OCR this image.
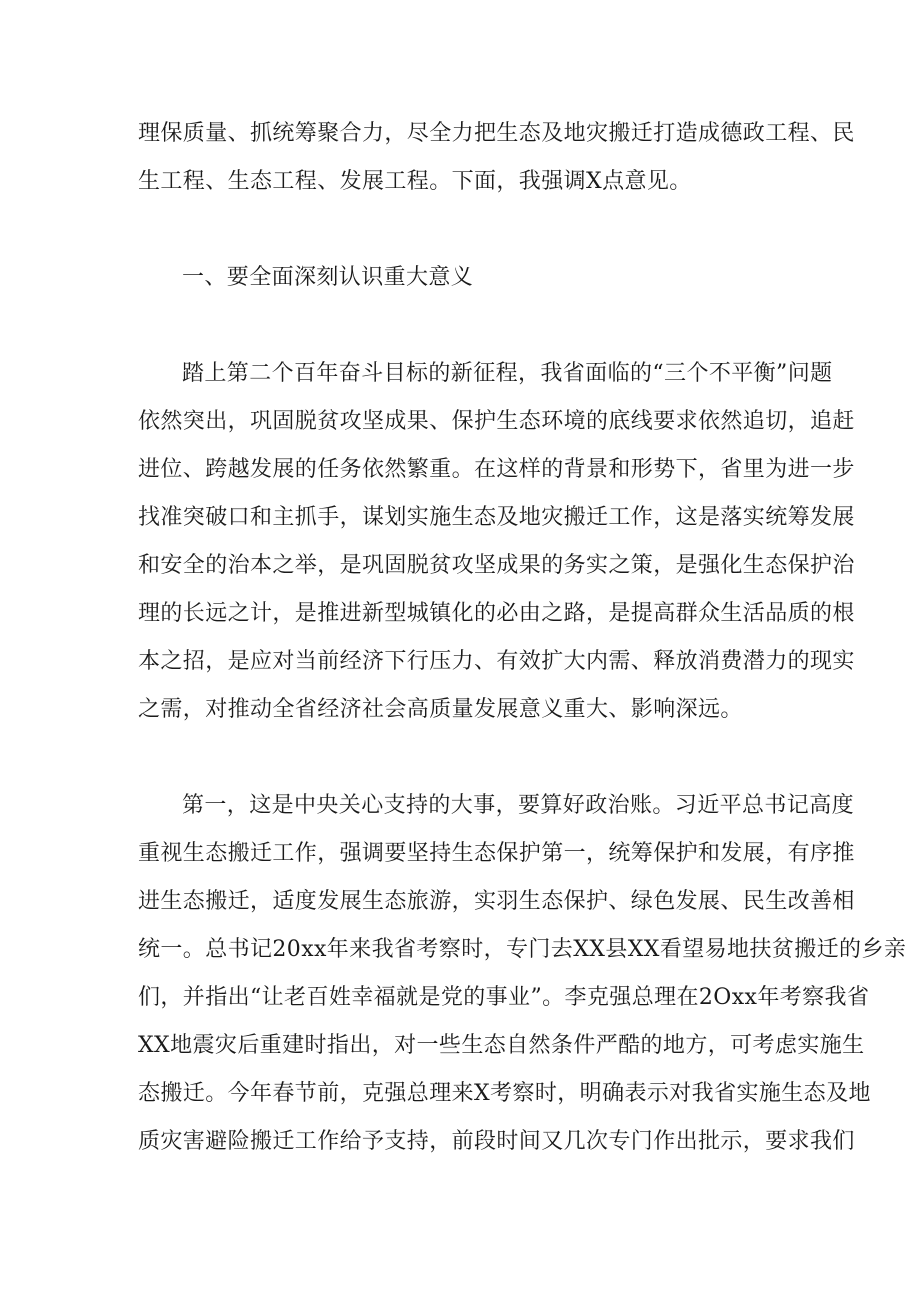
理保质量、抓统筹聚合力，尽全力把生态及地灾搬迁打造成德政工程、民
生工程、生态工程、发展工程。下面，我强调X点意见。
一、要全面深刻认识重大意义
踏上第二个百年奋斗目标的新征程，我省面临的“三个不平衡”问题
依然突出，巩固脱贫攻坚成果、保护生态环境的底线要求依然追切，追赶
进位、跨越发展的任务依然繁重。在这样的背景和形势下，省里为进一步
找准突破口和主抓手，谋划实施生态及地灾搬迁工作，这是落实统筹发展
和安全的治本之举，是巩固脱贫攻坚成果的务实之策，是强化生态保护治
理的长远之计，是推进新型城镇化的必由之路，是提高群众生活品质的根
本之招，是应对当前经济下行压力、有效扩大内需、释放消费潜力的现实
之需，对推动全省经济社会高质量发展意义重大、影响深远。
第一，这是中央关心支持的大事，要算好政治账。习近平总书记高度
重视生态搬迁工作，强调要坚持生态保护第一，统筹保护和发展，有序推
进生态搬迁，适度发展生态旅游，实羽生态保护、绿色发展、民生改善相
统一。总书记20xx年来我省考察时，专门去XX县XX看望易地扶贫搬迁的乡亲
们，并指出“让老百姓幸福就是党的事业”。李克强总理在2Oxx年考察我省
XX地震灾后重建时指出，对一些生态自然条件严酷的地方，可考虑实施生
态搬迁。今年春节前，克强总理来X考察时，明确表示对我省实施生态及地
质灾害避险搬迁工作给予支持，前段时间又几次专门作出批示，要求我们
